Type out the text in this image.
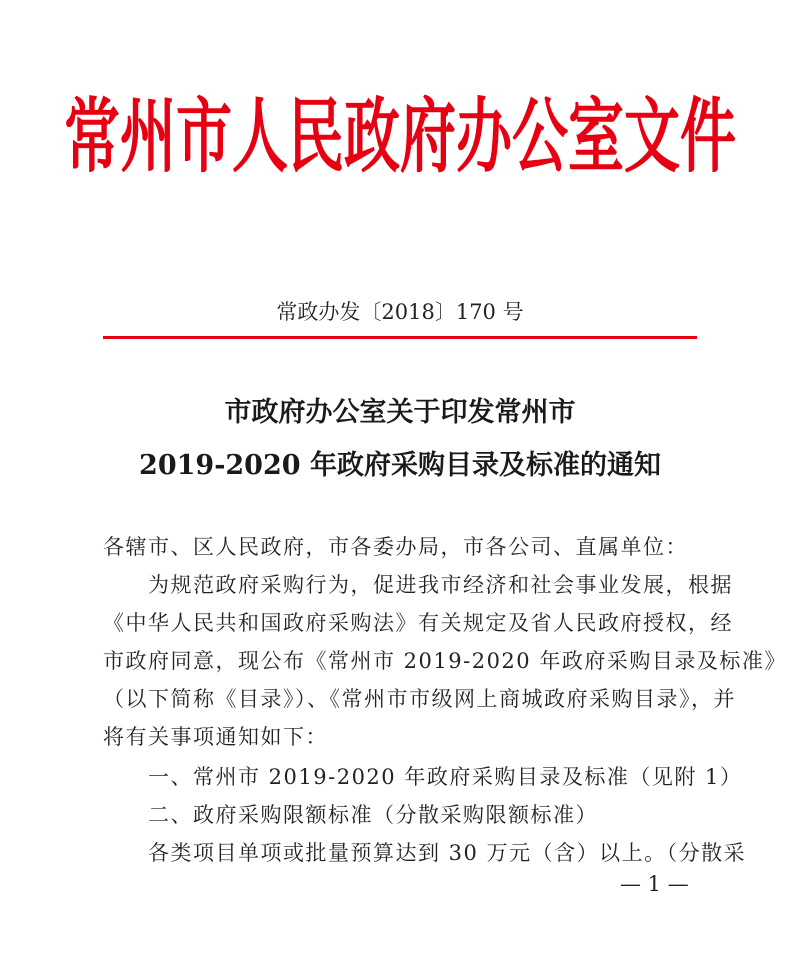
常州市人民政府办公室文件
常政办发〔2018〕170 号
市政府办公室关于印发常州市
2019-2020 年政府采购目录及标准的通知
各辖市、区人民政府，市各委办局，市各公司、直属单位：
　　为规范政府采购行为，促进我市经济和社会事业发展，根据
《中华人民共和国政府采购法》有关规定及省人民政府授权，经
市政府同意，现公布《常州市 2019-2020 年政府采购目录及标准》
（以下简称《目录》）、《常州市市级网上商城政府采购目录》，并
将有关事项通知如下：
　　一、常州市 2019-2020 年政府采购目录及标准（见附 1）
　　二、政府采购限额标准（分散采购限额标准）
　　各类项目单项或批量预算达到 30 万元（含）以上。（分散采
— 1 —
